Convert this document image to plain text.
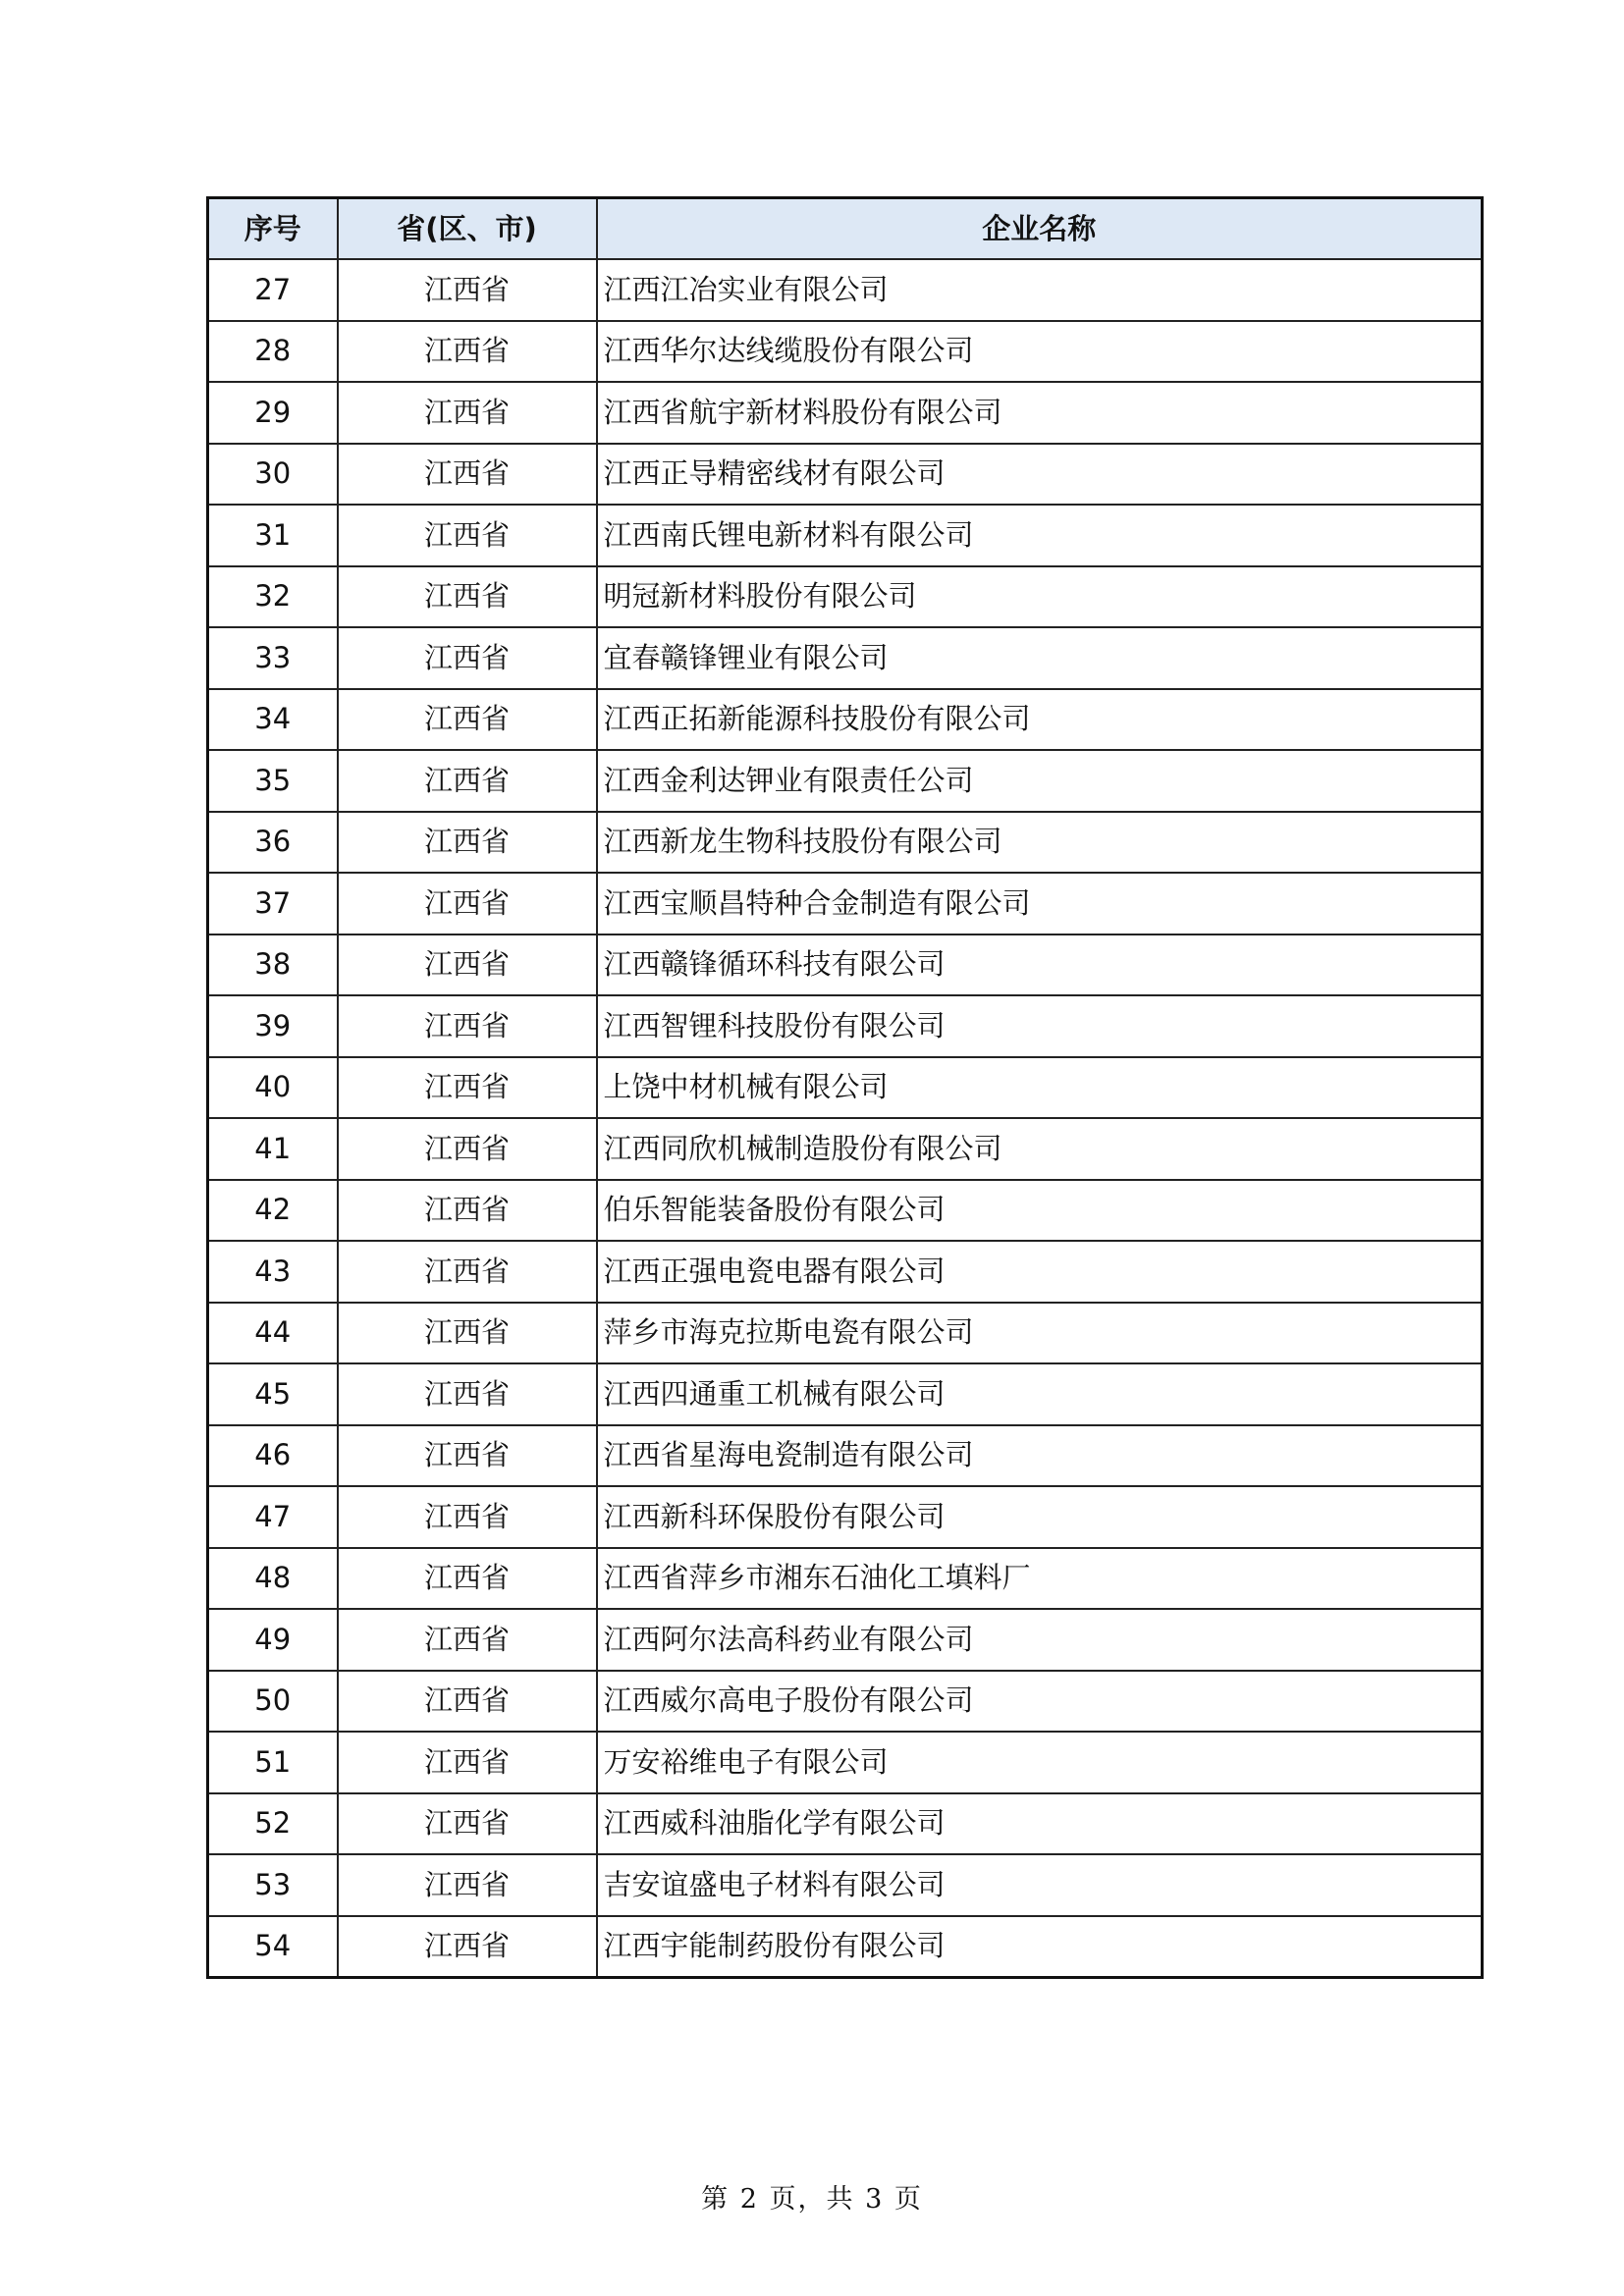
序号	省(区、市)	企业名称
27	江西省	江西江冶实业有限公司
28	江西省	江西华尔达线缆股份有限公司
29	江西省	江西省航宇新材料股份有限公司
30	江西省	江西正导精密线材有限公司
31	江西省	江西南氏锂电新材料有限公司
32	江西省	明冠新材料股份有限公司
33	江西省	宜春赣锋锂业有限公司
34	江西省	江西正拓新能源科技股份有限公司
35	江西省	江西金利达钾业有限责任公司
36	江西省	江西新龙生物科技股份有限公司
37	江西省	江西宝顺昌特种合金制造有限公司
38	江西省	江西赣锋循环科技有限公司
39	江西省	江西智锂科技股份有限公司
40	江西省	上饶中材机械有限公司
41	江西省	江西同欣机械制造股份有限公司
42	江西省	伯乐智能装备股份有限公司
43	江西省	江西正强电瓷电器有限公司
44	江西省	萍乡市海克拉斯电瓷有限公司
45	江西省	江西四通重工机械有限公司
46	江西省	江西省星海电瓷制造有限公司
47	江西省	江西新科环保股份有限公司
48	江西省	江西省萍乡市湘东石油化工填料厂
49	江西省	江西阿尔法高科药业有限公司
50	江西省	江西威尔高电子股份有限公司
51	江西省	万安裕维电子有限公司
52	江西省	江西威科油脂化学有限公司
53	江西省	吉安谊盛电子材料有限公司
54	江西省	江西宇能制药股份有限公司
第 2 页，共 3 页
